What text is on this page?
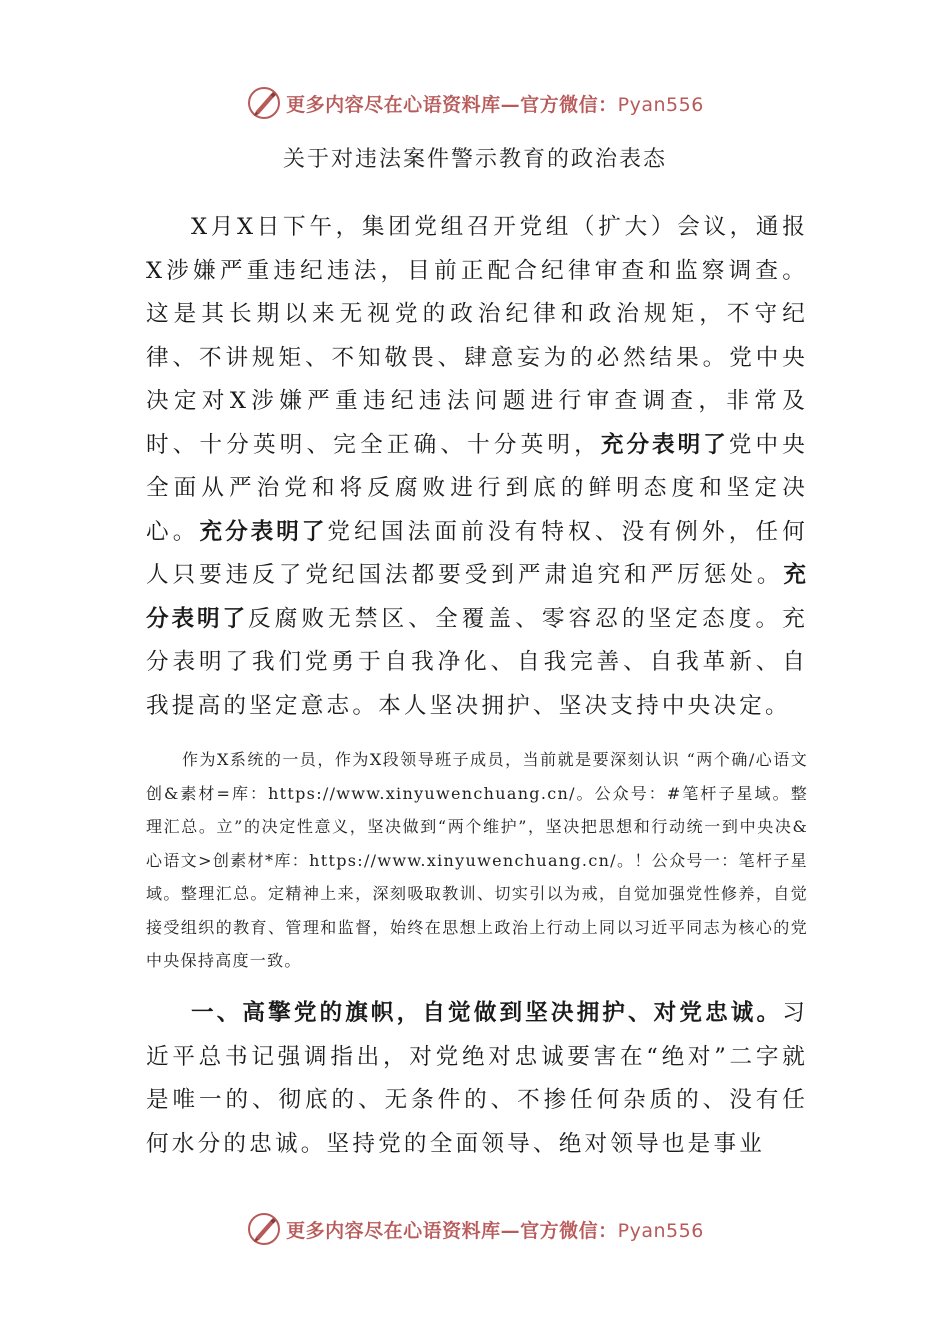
更多内容尽在心语资料库—官方微信：Pyan556
关于对违法案件警示教育的政治表态

X月X日下午，集团党组召开党组（扩大）会议，通报X涉嫌严重违纪违法，目前正配合纪律审查和监察调查。这是其长期以来无视党的政治纪律和政治规矩，不守纪律、不讲规矩、不知敬畏、肆意妄为的必然结果。党中央决定对X涉嫌严重违纪违法问题进行审查调查，非常及时、十分英明、完全正确、十分英明，充分表明了党中央全面从严治党和将反腐败进行到底的鲜明态度和坚定决心。充分表明了党纪国法面前没有特权、没有例外，任何人只要违反了党纪国法都要受到严肃追究和严厉惩处。充分表明了反腐败无禁区、全覆盖、零容忍的坚定态度。充分表明了我们党勇于自我净化、自我完善、自我革新、自我提高的坚定意志。本人坚决拥护、坚决支持中央决定。

作为X系统的一员，作为X段领导班子成员，当前就是要深刻认识 “两个确/心语文创&素材=库：https://www.xinyuwenchuang.cn/。公众号：#笔杆子星域。整理汇总。立”的决定性意义，坚决做到“两个维护”，坚决把思想和行动统一到中央决&心语文>创素材*库：https://www.xinyuwenchuang.cn/。！公众号一：笔杆子星域。整理汇总。定精神上来，深刻吸取教训、切实引以为戒，自觉加强党性修养，自觉接受组织的教育、管理和监督，始终在思想上政治上行动上同以习近平同志为核心的党中央保持高度一致。

一、高擎党的旗帜，自觉做到坚决拥护、对党忠诚。习近平总书记强调指出，对党绝对忠诚要害在“绝对”二字就是唯一的、彻底的、无条件的、不掺任何杂质的、没有任何水分的忠诚。坚持党的全面领导、绝对领导也是事业

更多内容尽在心语资料库—官方微信：Pyan556
